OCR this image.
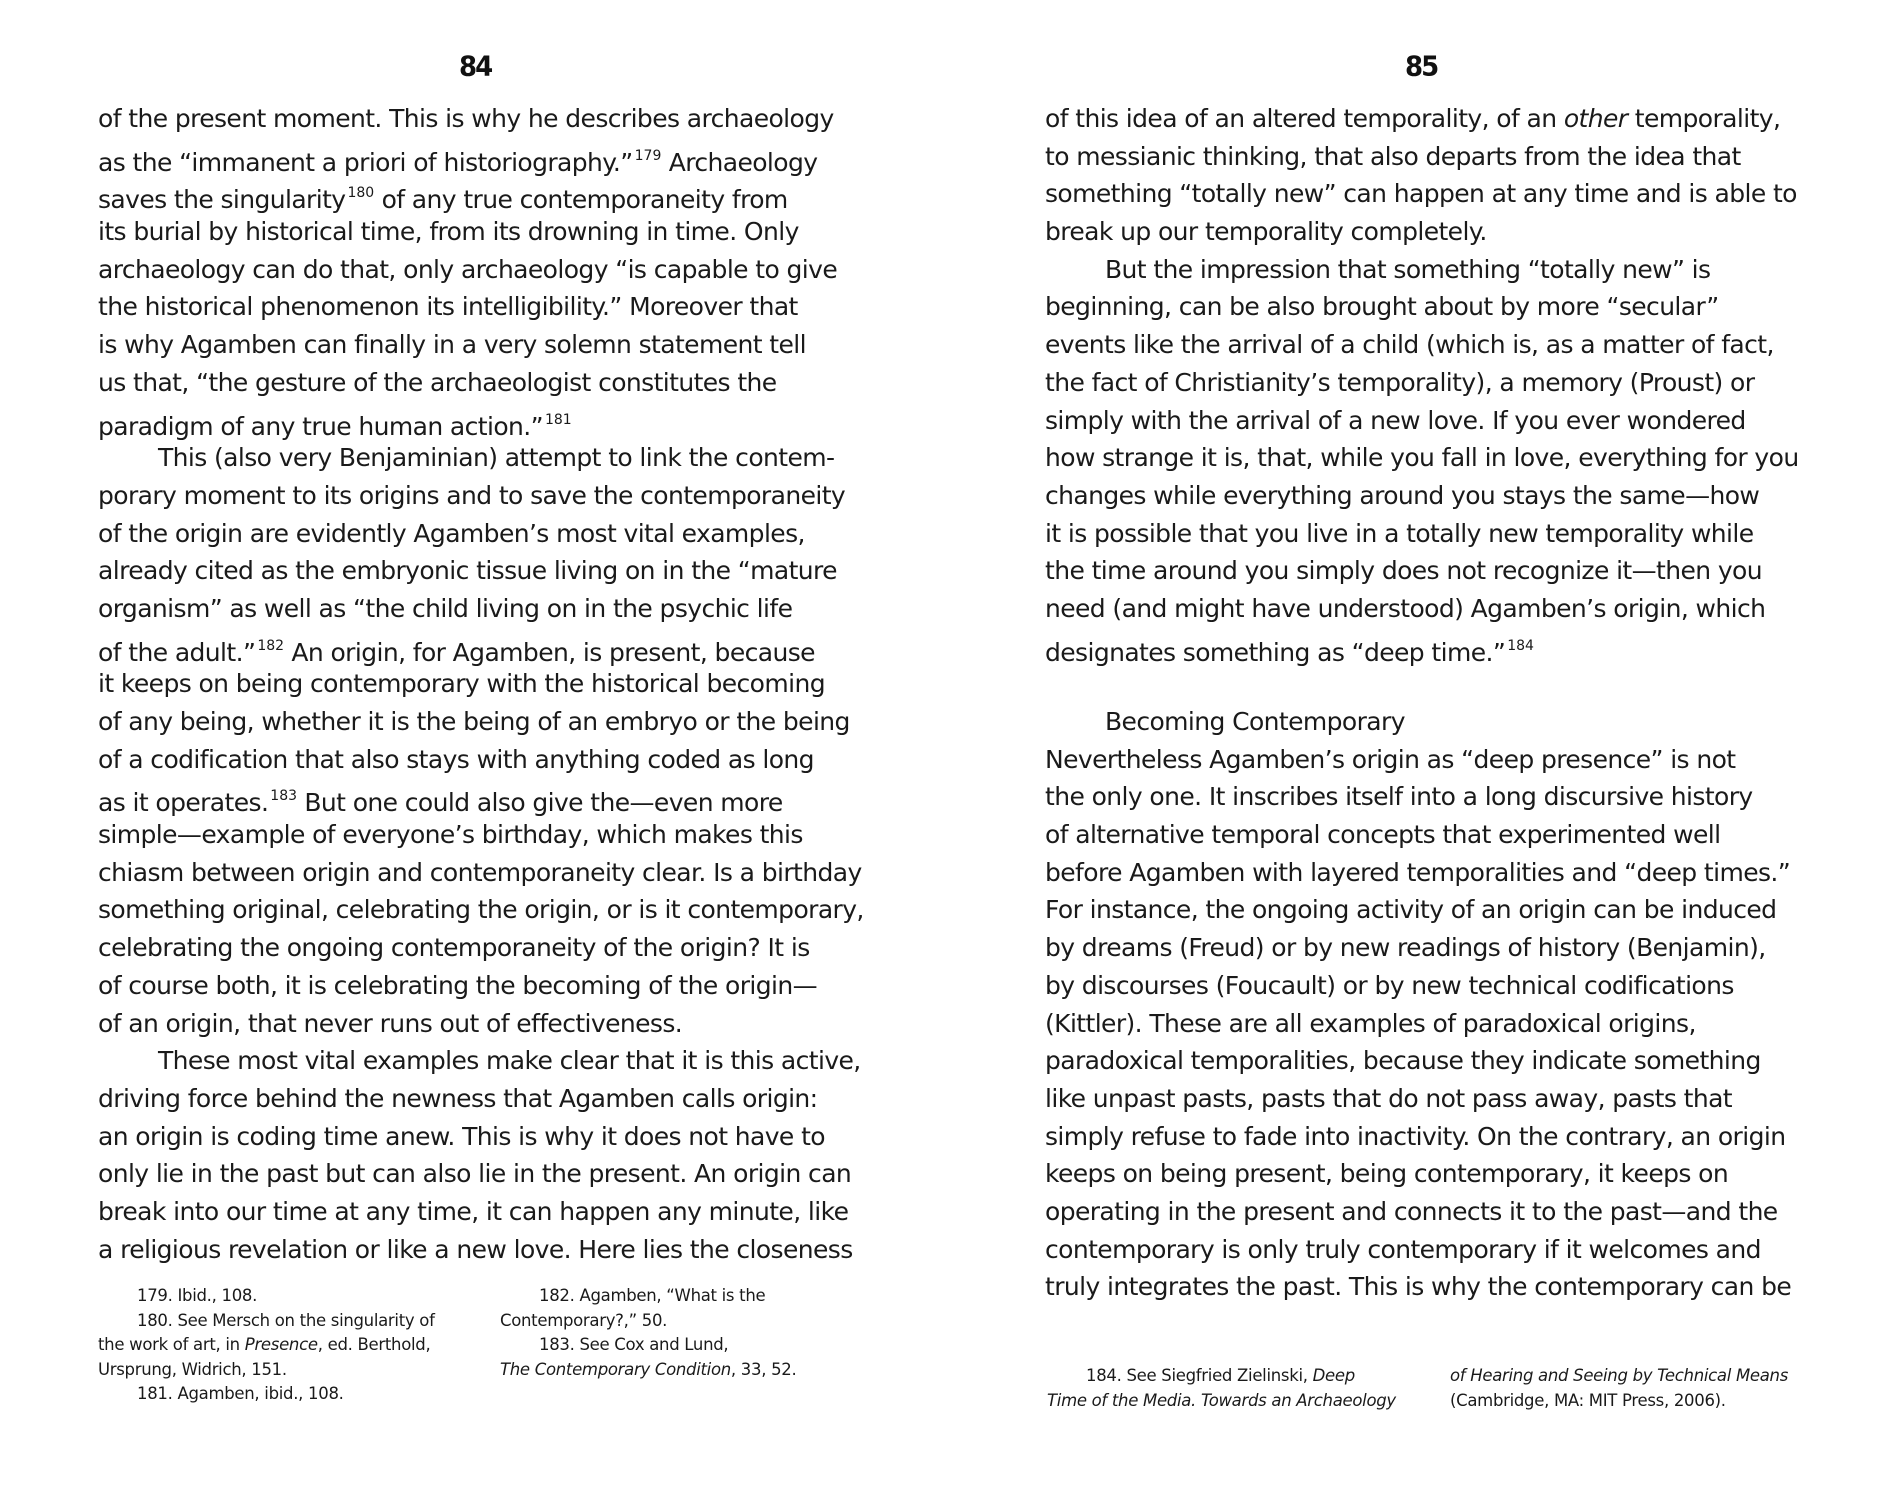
84
of the present moment. This is why he describes archaeology
as the “immanent a priori of historiography.” $^{179}$ Archaeology
saves the singularity $^{180}$ of any true contemporaneity from
its burial by historical time, from its drowning in time. Only
archaeology can do that, only archaeology “is capable to give
the historical phenomenon its intelligibility.” Moreover that
is why Agamben can finally in a very solemn statement tell
us that, “the gesture of the archaeologist constitutes the
paradigm of any true human action.” $^{181}$
This (also very Benjaminian) attempt to link the contem-
porary moment to its origins and to save the contemporaneity
of the origin are evidently Agamben’s most vital examples,
already cited as the embryonic tissue living on in the “mature
organism” as well as “the child living on in the psychic life
of the adult.” $^{182}$ An origin, for Agamben, is present, because
it keeps on being contemporary with the historical becoming
of any being, whether it is the being of an embryo or the being
of a codification that also stays with anything coded as long
as it operates. $^{183}$ But one could also give the—even more
simple—example of everyone’s birthday, which makes this
chiasm between origin and contemporaneity clear. Is a birthday
something original, celebrating the origin, or is it contemporary,
celebrating the ongoing contemporaneity of the origin? It is
of course both, it is celebrating the becoming of the origin—
of an origin, that never runs out of effectiveness.
These most vital examples make clear that it is this active,
driving force behind the newness that Agamben calls origin:
an origin is coding time anew. This is why it does not have to
only lie in the past but can also lie in the present. An origin can
break into our time at any time, it can happen any minute, like
a religious revelation or like a new love. Here lies the closeness
179. Ibid., 108.
180. See Mersch on the singularity of
the work of art, in Presence, ed. Berthold,
Ursprung, Widrich, 151.
181. Agamben, ibid., 108.
182. Agamben, “What is the
Contemporary?,” 50.
183. See Cox and Lund,
The Contemporary Condition, 33, 52.
85
of this idea of an altered temporality, of an other temporality,
to messianic thinking, that also departs from the idea that
something “totally new” can happen at any time and is able to
break up our temporality completely.
But the impression that something “totally new” is
beginning, can be also brought about by more “secular”
events like the arrival of a child (which is, as a matter of fact,
the fact of Christianity’s temporality), a memory (Proust) or
simply with the arrival of a new love. If you ever wondered
how strange it is, that, while you fall in love, everything for you
changes while everything around you stays the same—how
it is possible that you live in a totally new temporality while
the time around you simply does not recognize it—then you
need (and might have understood) Agamben’s origin, which
designates something as “deep time.” $^{184}$
Becoming Contemporary
Nevertheless Agamben’s origin as “deep presence” is not
the only one. It inscribes itself into a long discursive history
of alternative temporal concepts that experimented well
before Agamben with layered temporalities and “deep times.”
For instance, the ongoing activity of an origin can be induced
by dreams (Freud) or by new readings of history (Benjamin),
by discourses (Foucault) or by new technical codifications
(Kittler). These are all examples of paradoxical origins,
paradoxical temporalities, because they indicate something
like unpast pasts, pasts that do not pass away, pasts that
simply refuse to fade into inactivity. On the contrary, an origin
keeps on being present, being contemporary, it keeps on
operating in the present and connects it to the past—and the
contemporary is only truly contemporary if it welcomes and
truly integrates the past. This is why the contemporary can be
184. See Siegfried Zielinski, Deep
Time of the Media. Towards an Archaeology
of Hearing and Seeing by Technical Means
(Cambridge, MA: MIT Press, 2006).
